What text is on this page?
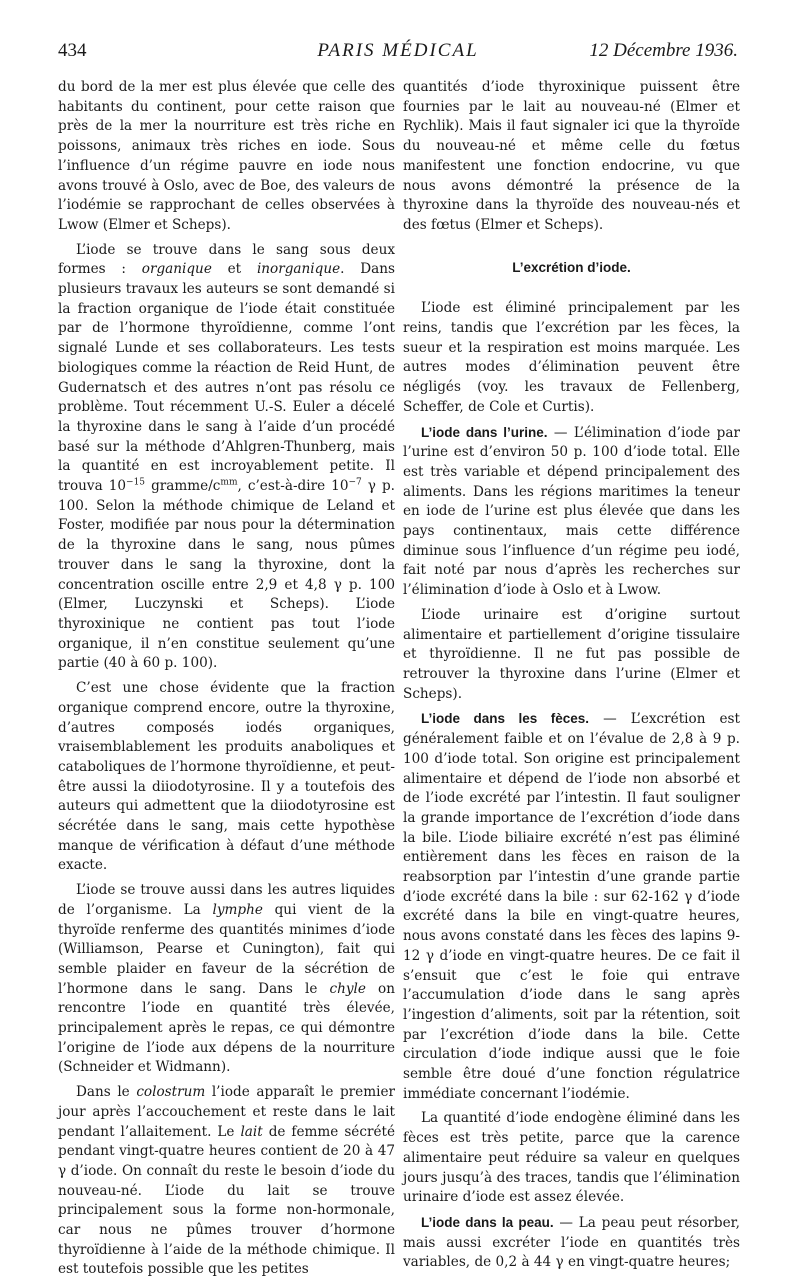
434	PARIS MÉDICAL	12 Décembre 1936.

du bord de la mer est plus élevée que celle des habitants du continent, pour cette raison que près de la mer la nourriture est très riche en poissons, animaux très riches en iode. Sous l’influence d’un régime pauvre en iode nous avons trouvé à Oslo, avec de Boe, des valeurs de l’iodémie se rapprochant de celles observées à Lwow (Elmer et Scheps).

L’iode se trouve dans le sang sous deux formes : organique et inorganique. Dans plusieurs travaux les auteurs se sont demandé si la fraction organique de l’iode était constituée par de l’hormone thyroïdienne, comme l’ont signalé Lunde et ses collaborateurs. Les tests biologiques comme la réaction de Reid Hunt, de Gudernatsch et des autres n’ont pas résolu ce problème. Tout récemment U.-S. Euler a décelé la thyroxine dans le sang à l’aide d’un procédé basé sur la méthode d’Ahlgren-Thunberg, mais la quantité en est incroyablement petite. Il trouva $10^{-15}$ gramme/$c^{mm}$, c’est-à-dire $10^{-7}$ γ p. 100. Selon la méthode chimique de Leland et Foster, modifiée par nous pour la détermination de la thyroxine dans le sang, nous pûmes trouver dans le sang la thyroxine, dont la concentration oscille entre 2,9 et 4,8 γ p. 100 (Elmer, Luczynski et Scheps). L’iode thyroxinique ne contient pas tout l’iode organique, il n’en constitue seulement qu’une partie (40 à 60 p. 100).

C’est une chose évidente que la fraction organique comprend encore, outre la thyroxine, d’autres composés iodés organiques, vraisemblablement les produits anaboliques et cataboliques de l’hormone thyroïdienne, et peut-être aussi la diiodotyrosine. Il y a toutefois des auteurs qui admettent que la diiodotyrosine est sécrétée dans le sang, mais cette hypothèse manque de vérification à défaut d’une méthode exacte.

L’iode se trouve aussi dans les autres liquides de l’organisme. La lymphe qui vient de la thyroïde renferme des quantités minimes d’iode (Williamson, Pearse et Cunington), fait qui semble plaider en faveur de la sécrétion de l’hormone dans le sang. Dans le chyle on rencontre l’iode en quantité très élevée, principalement après le repas, ce qui démontre l’origine de l’iode aux dépens de la nourriture (Schneider et Widmann).

Dans le colostrum l’iode apparaît le premier jour après l’accouchement et reste dans le lait pendant l’allaitement. Le lait de femme sécrété pendant vingt-quatre heures contient de 20 à 47 γ d’iode. On connaît du reste le besoin d’iode du nouveau-né. L’iode du lait se trouve principalement sous la forme non-hormonale, car nous ne pûmes trouver d’hormone thyroïdienne à l’aide de la méthode chimique. Il est toutefois possible que les petites

quantités d’iode thyroxinique puissent être fournies par le lait au nouveau-né (Elmer et Rychlik). Mais il faut signaler ici que la thyroïde du nouveau-né et même celle du fœtus manifestent une fonction endocrine, vu que nous avons démontré la présence de la thyroxine dans la thyroïde des nouveau-nés et des fœtus (Elmer et Scheps).

L’excrétion d’iode.

L’iode est éliminé principalement par les reins, tandis que l’excrétion par les fèces, la sueur et la respiration est moins marquée. Les autres modes d’élimination peuvent être négligés (voy. les travaux de Fellenberg, Scheffer, de Cole et Curtis).

L’iode dans l’urine. — L’élimination d’iode par l’urine est d’environ 50 p. 100 d’iode total. Elle est très variable et dépend principalement des aliments. Dans les régions maritimes la teneur en iode de l’urine est plus élevée que dans les pays continentaux, mais cette différence diminue sous l’influence d’un régime peu iodé, fait noté par nous d’après les recherches sur l’élimination d’iode à Oslo et à Lwow.

L’iode urinaire est d’origine surtout alimentaire et partiellement d’origine tissulaire et thyroïdienne. Il ne fut pas possible de retrouver la thyroxine dans l’urine (Elmer et Scheps).

L’iode dans les fèces. — L’excrétion est généralement faible et on l’évalue de 2,8 à 9 p. 100 d’iode total. Son origine est principalement alimentaire et dépend de l’iode non absorbé et de l’iode excrété par l’intestin. Il faut souligner la grande importance de l’excrétion d’iode dans la bile. L’iode biliaire excrété n’est pas éliminé entièrement dans les fèces en raison de la reabsorption par l’intestin d’une grande partie d’iode excrété dans la bile : sur 62-162 γ d’iode excrété dans la bile en vingt-quatre heures, nous avons constaté dans les fèces des lapins 9-12 γ d’iode en vingt-quatre heures. De ce fait il s’ensuit que c’est le foie qui entrave l’accumulation d’iode dans le sang après l’ingestion d’aliments, soit par la rétention, soit par l’excrétion d’iode dans la bile. Cette circulation d’iode indique aussi que le foie semble être doué d’une fonction régulatrice immédiate concernant l’iodémie.

La quantité d’iode endogène éliminé dans les fèces est très petite, parce que la carence alimentaire peut réduire sa valeur en quelques jours jusqu’à des traces, tandis que l’élimination urinaire d’iode est assez élevée.

L’iode dans la peau. — La peau peut résorber, mais aussi excréter l’iode en quantités très variables, de 0,2 à 44 γ en vingt-quatre heures;
